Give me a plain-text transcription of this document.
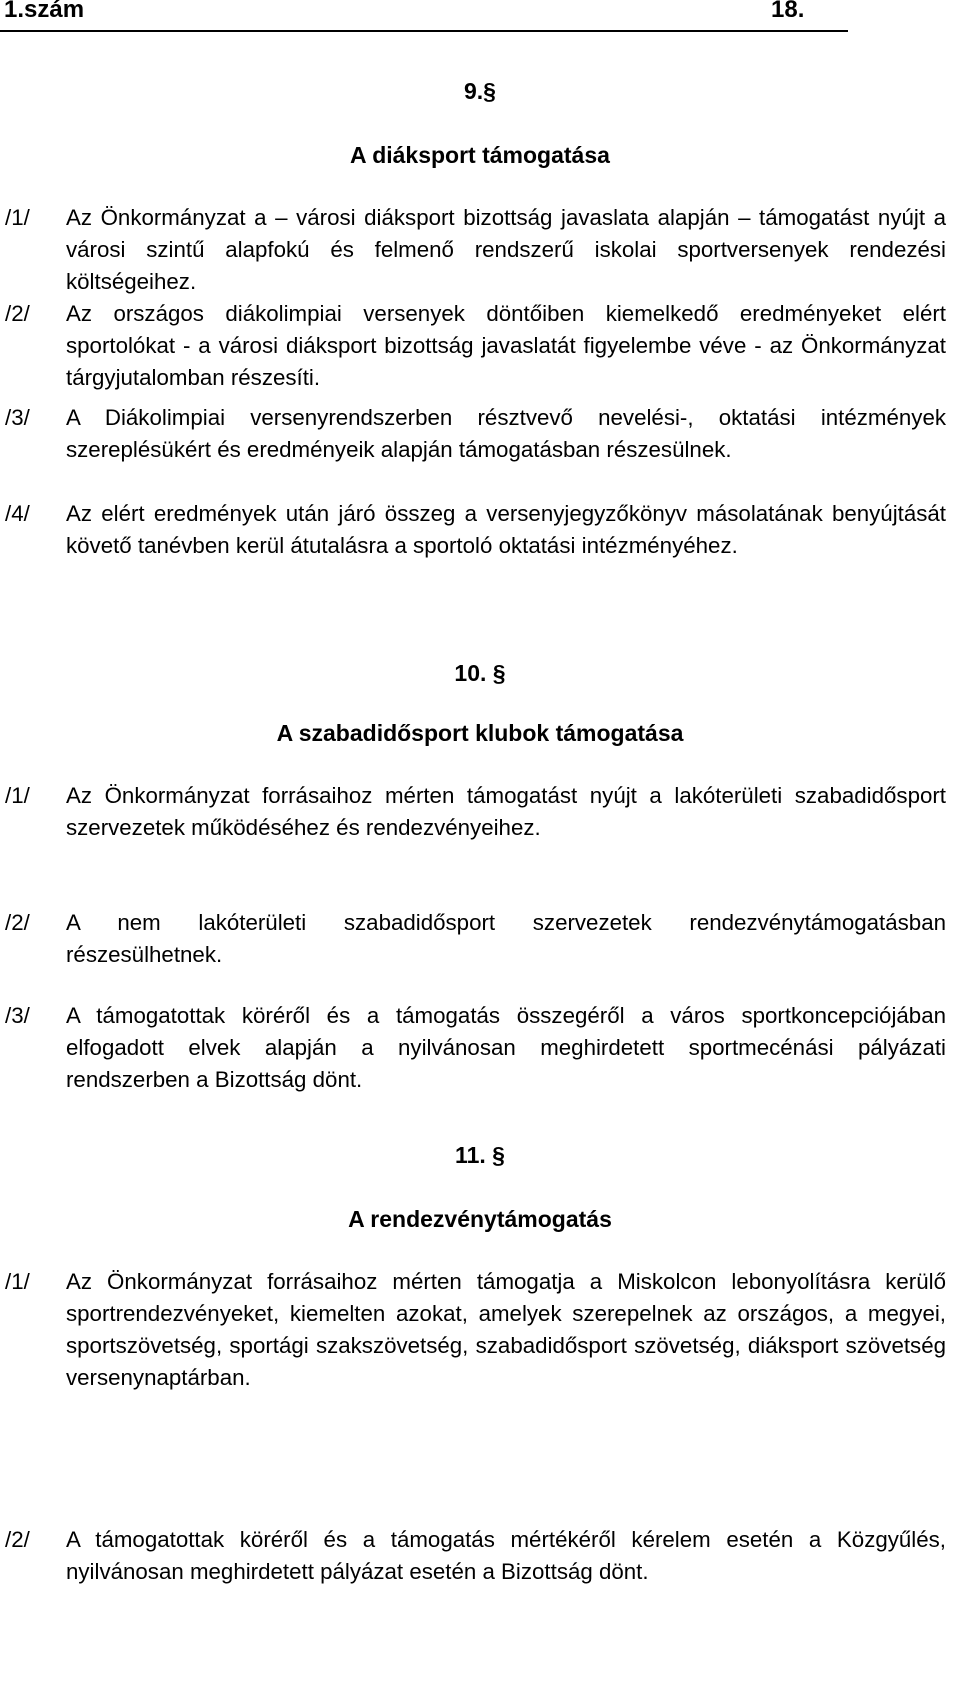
1.szám	18.
9.§
A diáksport támogatása
/1/ Az Önkormányzat a – városi diáksport bizottság javaslata alapján – támogatást nyújt a városi szintű alapfokú és felmenő rendszerű iskolai sportversenyek rendezési költségeihez.
/2/ Az országos diákolimpiai versenyek döntőiben kiemelkedő eredményeket elért sportolókat - a városi diáksport bizottság javaslatát figyelembe véve - az Önkormányzat tárgyjutalomban részesíti.
/3/ A Diákolimpiai versenyrendszerben résztvevő nevelési-, oktatási intézmények szereplésükért és eredményeik alapján támogatásban részesülnek.
/4/ Az elért eredmények után járó összeg a versenyjegyzőkönyv másolatának benyújtását követő tanévben kerül átutalásra a sportoló oktatási intézményéhez.
10. §
A szabadidősport klubok támogatása
/1/ Az Önkormányzat forrásaihoz mérten támogatást nyújt a lakóterületi szabadidősport szervezetek működéséhez és rendezvényeihez.
/2/ A nem lakóterületi szabadidősport szervezetek rendezvénytámogatásban részesülhetnek.
/3/ A támogatottak köréről és a támogatás összegéről a város sportkoncepciójában elfogadott elvek alapján a nyilvánosan meghirdetett sportmecénási pályázati rendszerben a Bizottság dönt.
11. §
A rendezvénytámogatás
/1/ Az Önkormányzat forrásaihoz mérten támogatja a Miskolcon lebonyolításra kerülő sportrendezvényeket, kiemelten azokat, amelyek szerepelnek az országos, a megyei, sportszövetség, sportági szakszövetség, szabadidősport szövetség, diáksport szövetség versenynaptárban.
/2/ A támogatottak köréről és a támogatás mértékéről kérelem esetén a Közgyűlés, nyilvánosan meghirdetett pályázat esetén a Bizottság dönt.
